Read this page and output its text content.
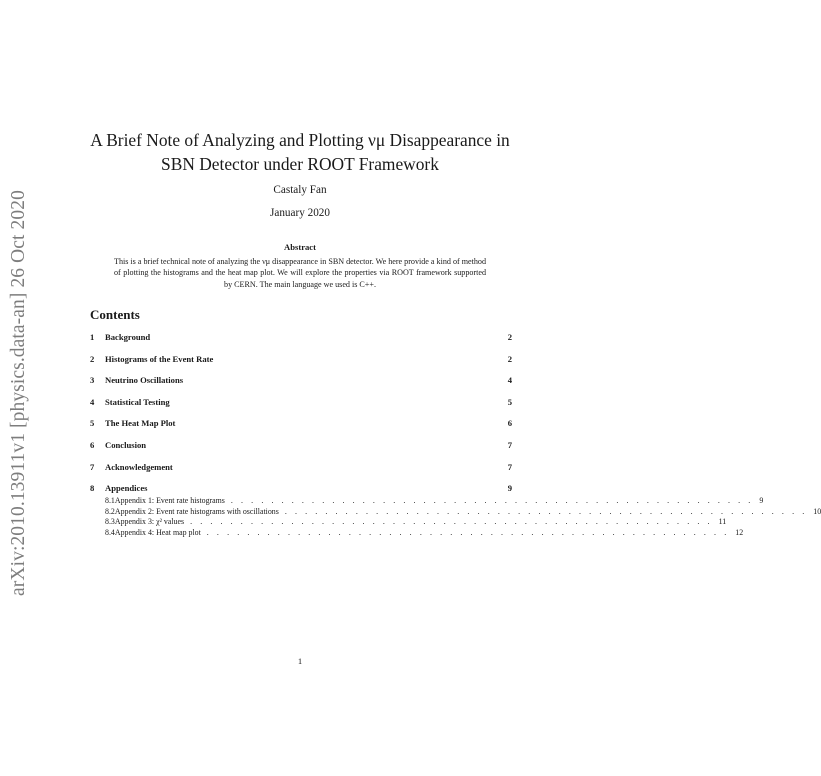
arXiv:2010.13911v1 [physics.data-an] 26 Oct 2020
A Brief Note of Analyzing and Plotting νμ Disappearance in
SBN Detector under ROOT Framework
Castaly Fan
January 2020
Abstract
This is a brief technical note of analyzing the νμ disappearance in SBN detector. We here provide a kind of method of plotting the histograms and the heat map plot. We will explore the properties via ROOT framework supported by CERN. The main language we used is C++.
Contents
1	Background	2
2	Histograms of the Event Rate	2
3	Neutrino Oscillations	4
4	Statistical Testing	5
5	The Heat Map Plot	6
6	Conclusion	7
7	Acknowledgement	7
8	Appendices	9
8.1 Appendix 1: Event rate histograms . . . . . . . . . . . . . . . . . . . . . . . . . . . . . . . . . . . . . . . . . . . . . . . . . . . . 9
8.2 Appendix 2: Event rate histograms with oscillations . . . . . . . . . . . . . . . . . . . . . . . . . . . . . . . . . . . . . . . . . . . . . . . . . . . . 10
8.3 Appendix 3: χ² values . . . . . . . . . . . . . . . . . . . . . . . . . . . . . . . . . . . . . . . . . . . . . . . . . . . . 11
8.4 Appendix 4: Heat map plot . . . . . . . . . . . . . . . . . . . . . . . . . . . . . . . . . . . . . . . . . . . . . . . . . . . . 12
1
